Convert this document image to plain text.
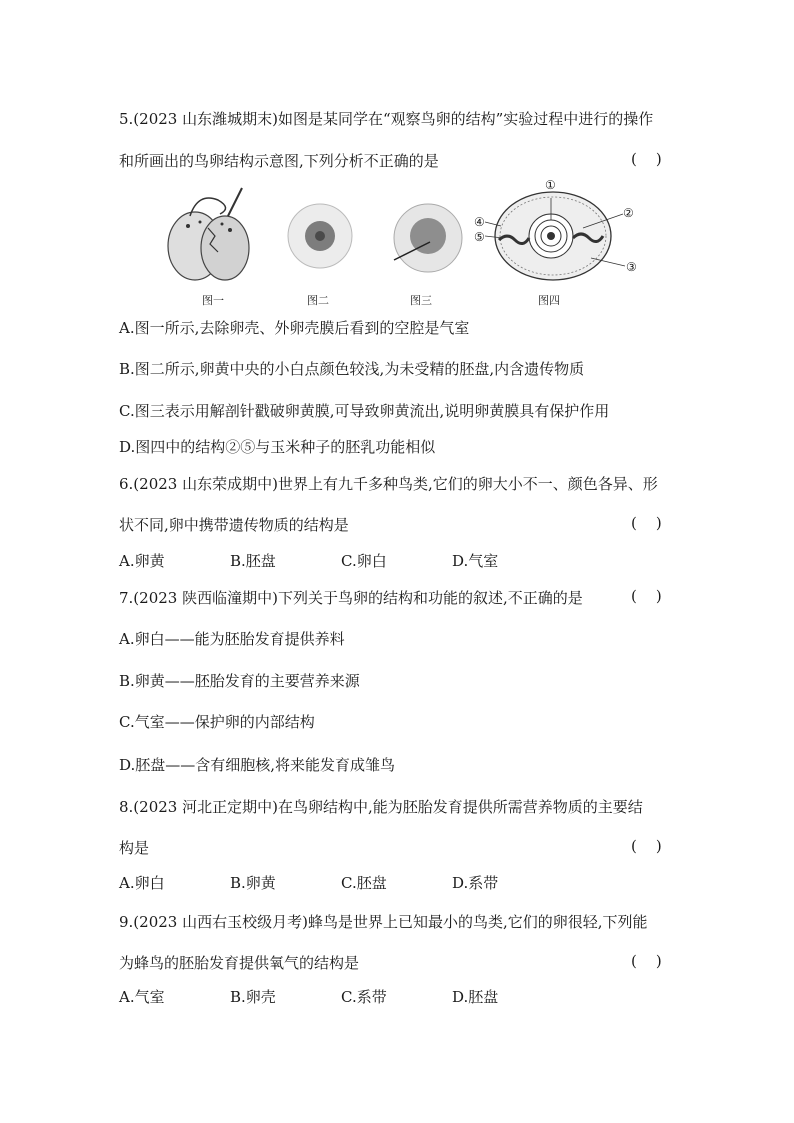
5.(2023 山东潍城期末)如图是某同学在“观察鸟卵的结构”实验过程中进行的操作
和所画出的鸟卵结构示意图,下列分析不正确的是	(    )
①
②
③
④
⑤
图一	图二	图三	图四
A.图一所示,去除卵壳、外卵壳膜后看到的空腔是气室
B.图二所示,卵黄中央的小白点颜色较浅,为未受精的胚盘,内含遗传物质
C.图三表示用解剖针戳破卵黄膜,可导致卵黄流出,说明卵黄膜具有保护作用
D.图四中的结构②⑤与玉米种子的胚乳功能相似
6.(2023 山东荣成期中)世界上有九千多种鸟类,它们的卵大小不一、颜色各异、形
状不同,卵中携带遗传物质的结构是	(    )
A.卵黄	B.胚盘	C.卵白	D.气室
7.(2023 陕西临潼期中)下列关于鸟卵的结构和功能的叙述,不正确的是	(    )
A.卵白——能为胚胎发育提供养料
B.卵黄——胚胎发育的主要营养来源
C.气室——保护卵的内部结构
D.胚盘——含有细胞核,将来能发育成雏鸟
8.(2023 河北正定期中)在鸟卵结构中,能为胚胎发育提供所需营养物质的主要结
构是	(    )
A.卵白	B.卵黄	C.胚盘	D.系带
9.(2023 山西右玉校级月考)蜂鸟是世界上已知最小的鸟类,它们的卵很轻,下列能
为蜂鸟的胚胎发育提供氧气的结构是	(    )
A.气室	B.卵壳	C.系带	D.胚盘
